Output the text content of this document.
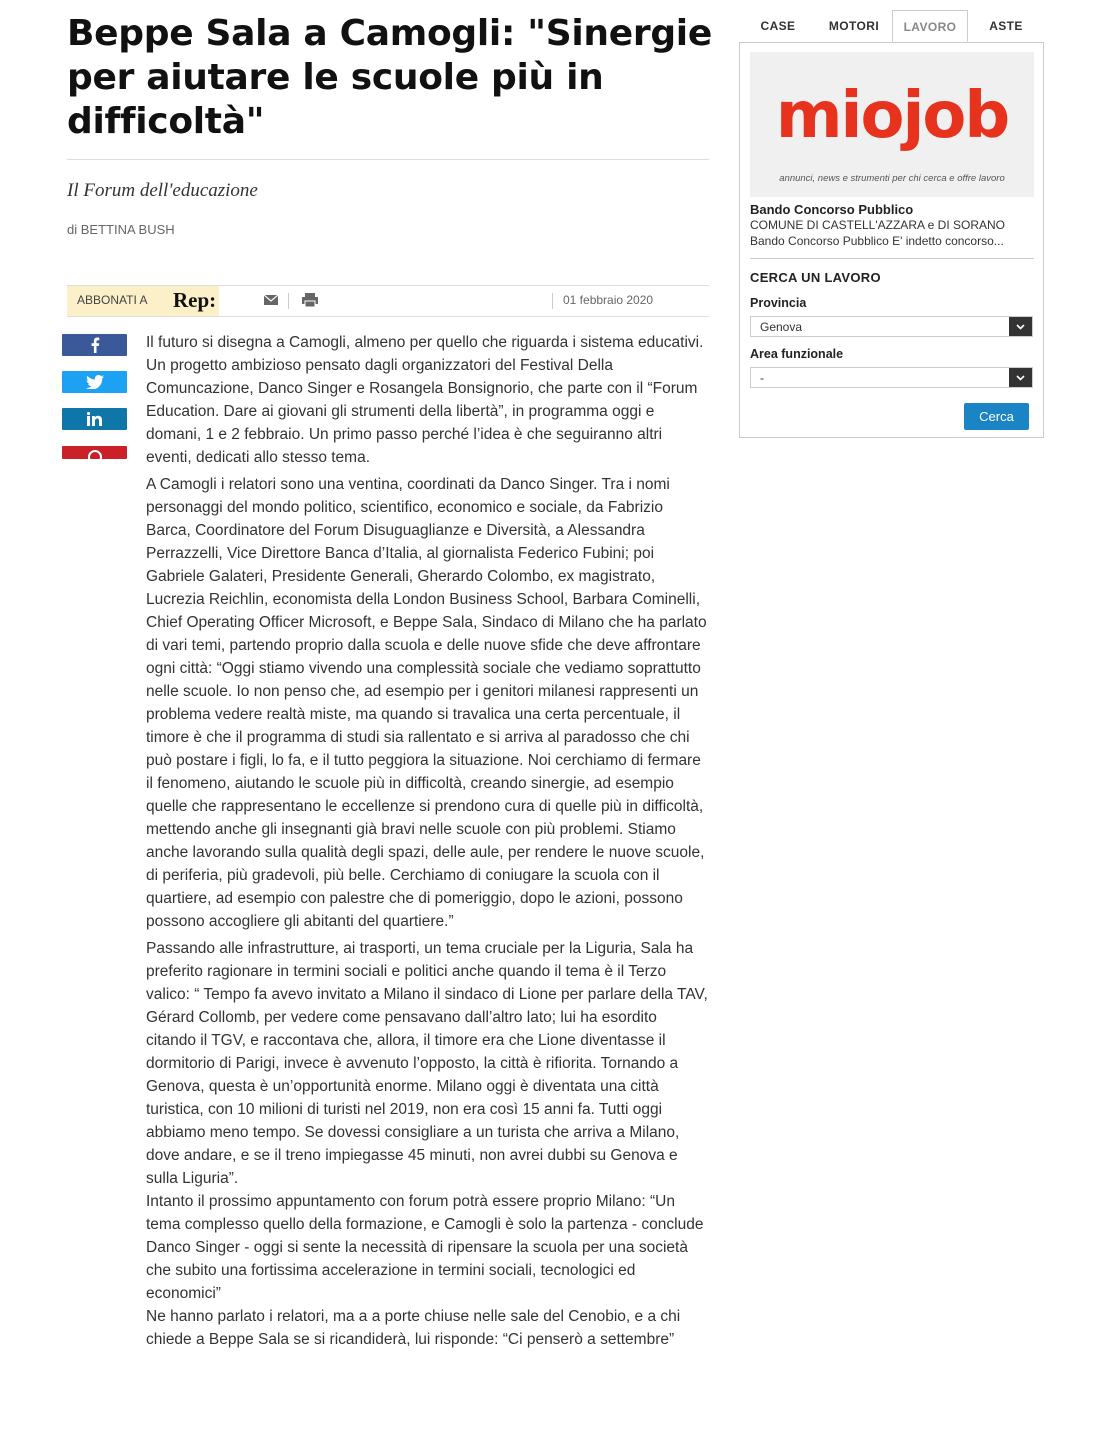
Beppe Sala a Camogli: "Sinergie per aiutare le scuole più in difficoltà"
Il Forum dell'educazione
di BETTINA BUSH
ABBONATI A Rep:	01 febbraio 2020

Il futuro si disegna a Camogli, almeno per quello che riguarda i sistema educativi. Un progetto ambizioso pensato dagli organizzatori del Festival Della Comuncazione, Danco Singer e Rosangela Bonsignorio, che parte con il “Forum Education. Dare ai giovani gli strumenti della libertà”, in programma oggi e domani, 1 e 2 febbraio. Un primo passo perché l’idea è che seguiranno altri eventi, dedicati allo stesso tema.

A Camogli i relatori sono una ventina, coordinati da Danco Singer. Tra i nomi personaggi del mondo politico, scientifico, economico e sociale, da Fabrizio Barca, Coordinatore del Forum Disuguaglianze e Diversità, a Alessandra Perrazzelli, Vice Direttore Banca d’Italia, al giornalista Federico Fubini; poi Gabriele Galateri, Presidente Generali, Gherardo Colombo, ex magistrato, Lucrezia Reichlin, economista della London Business School, Barbara Cominelli, Chief Operating Officer Microsoft, e Beppe Sala, Sindaco di Milano che ha parlato di vari temi, partendo proprio dalla scuola e delle nuove sfide che deve affrontare ogni città: “Oggi stiamo vivendo una complessità sociale che vediamo soprattutto nelle scuole. Io non penso che, ad esempio per i genitori milanesi rappresenti un problema vedere realtà miste, ma quando si travalica una certa percentuale, il timore è che il programma di studi sia rallentato e si arriva al paradosso che chi può postare i figli, lo fa, e il tutto peggiora la situazione. Noi cerchiamo di fermare il fenomeno, aiutando le scuole più in difficoltà, creando sinergie, ad esempio quelle che rappresentano le eccellenze si prendono cura di quelle più in difficoltà, mettendo anche gli insegnanti già bravi nelle scuole con più problemi. Stiamo anche lavorando sulla qualità degli spazi, delle aule, per rendere le nuove scuole, di periferia, più gradevoli, più belle. Cerchiamo di coniugare la scuola con il quartiere, ad esempio con palestre che di pomeriggio, dopo le azioni, possono possono accogliere gli abitanti del quartiere.”

Passando alle infrastrutture, ai trasporti, un tema cruciale per la Liguria, Sala ha preferito ragionare in termini sociali e politici anche quando il tema è il Terzo valico: “ Tempo fa avevo invitato a Milano il sindaco di Lione per parlare della TAV, Gérard Collomb, per vedere come pensavano dall’altro lato; lui ha esordito citando il TGV, e raccontava che, allora, il timore era che Lione diventasse il dormitorio di Parigi, invece è avvenuto l’opposto, la città è rifiorita. Tornando a Genova, questa è un’opportunità enorme. Milano oggi è diventata una città turistica, con 10 milioni di turisti nel 2019, non era così 15 anni fa. Tutti oggi abbiamo meno tempo. Se dovessi consigliare a un turista che arriva a Milano, dove andare, e se il treno impiegasse 45 minuti, non avrei dubbi su Genova e sulla Liguria”.

Intanto il prossimo appuntamento con forum potrà essere proprio Milano: “Un tema complesso quello della formazione, e Camogli è solo la partenza - conclude Danco Singer - oggi si sente la necessità di ripensare la scuola per una società che subito una fortissima accelerazione in termini sociali, tecnologici ed economici”

Ne hanno parlato i relatori, ma a a porte chiuse nelle sale del Cenobio, e a chi chiede a Beppe Sala se si ricandiderà, lui risponde: “Ci penserò a settembre”

CASE	MOTORI	LAVORO	ASTE
miojob
annunci, news e strumenti per chi cerca e offre lavoro
Bando Concorso Pubblico
COMUNE DI CASTELL'AZZARA e DI SORANO
Bando Concorso Pubblico E' indetto concorso...
CERCA UN LAVORO
Provincia
Genova
Area funzionale
-
Cerca
